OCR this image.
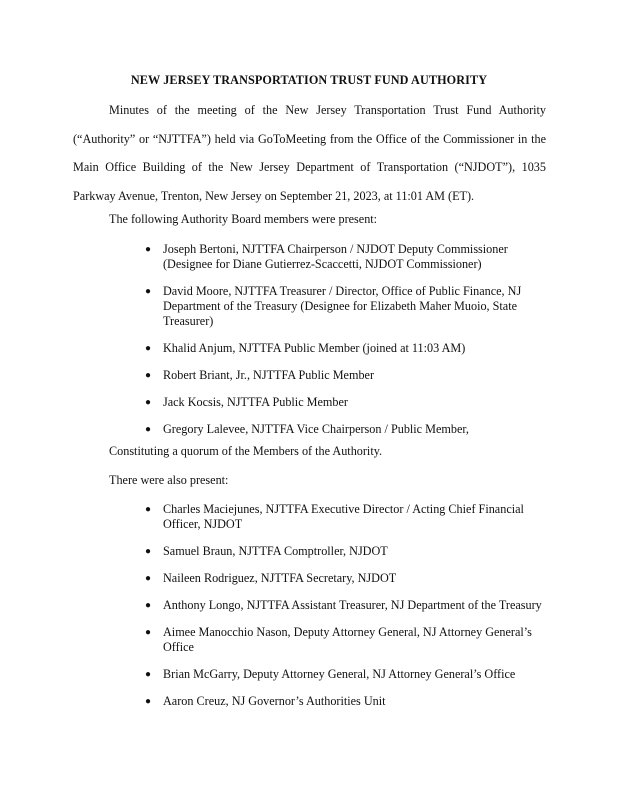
NEW JERSEY TRANSPORTATION TRUST FUND AUTHORITY

Minutes of the meeting of the New Jersey Transportation Trust Fund Authority (“Authority” or “NJTTFA”) held via GoToMeeting from the Office of the Commissioner in the Main Office Building of the New Jersey Department of Transportation (“NJDOT”), 1035 Parkway Avenue, Trenton, New Jersey on September 21, 2023, at 11:01 AM (ET).

The following Authority Board members were present:

● Joseph Bertoni, NJTTFA Chairperson / NJDOT Deputy Commissioner (Designee for Diane Gutierrez-Scaccetti, NJDOT Commissioner)
● David Moore, NJTTFA Treasurer / Director, Office of Public Finance, NJ Department of the Treasury (Designee for Elizabeth Maher Muoio, State Treasurer)
● Khalid Anjum, NJTTFA Public Member (joined at 11:03 AM)
● Robert Briant, Jr., NJTTFA Public Member
● Jack Kocsis, NJTTFA Public Member
● Gregory Lalevee, NJTTFA Vice Chairperson / Public Member,

Constituting a quorum of the Members of the Authority.

There were also present:

● Charles Maciejunes, NJTTFA Executive Director / Acting Chief Financial Officer, NJDOT
● Samuel Braun, NJTTFA Comptroller, NJDOT
● Naileen Rodriguez, NJTTFA Secretary, NJDOT
● Anthony Longo, NJTTFA Assistant Treasurer, NJ Department of the Treasury
● Aimee Manocchio Nason, Deputy Attorney General, NJ Attorney General’s Office
● Brian McGarry, Deputy Attorney General, NJ Attorney General’s Office
● Aaron Creuz, NJ Governor’s Authorities Unit
